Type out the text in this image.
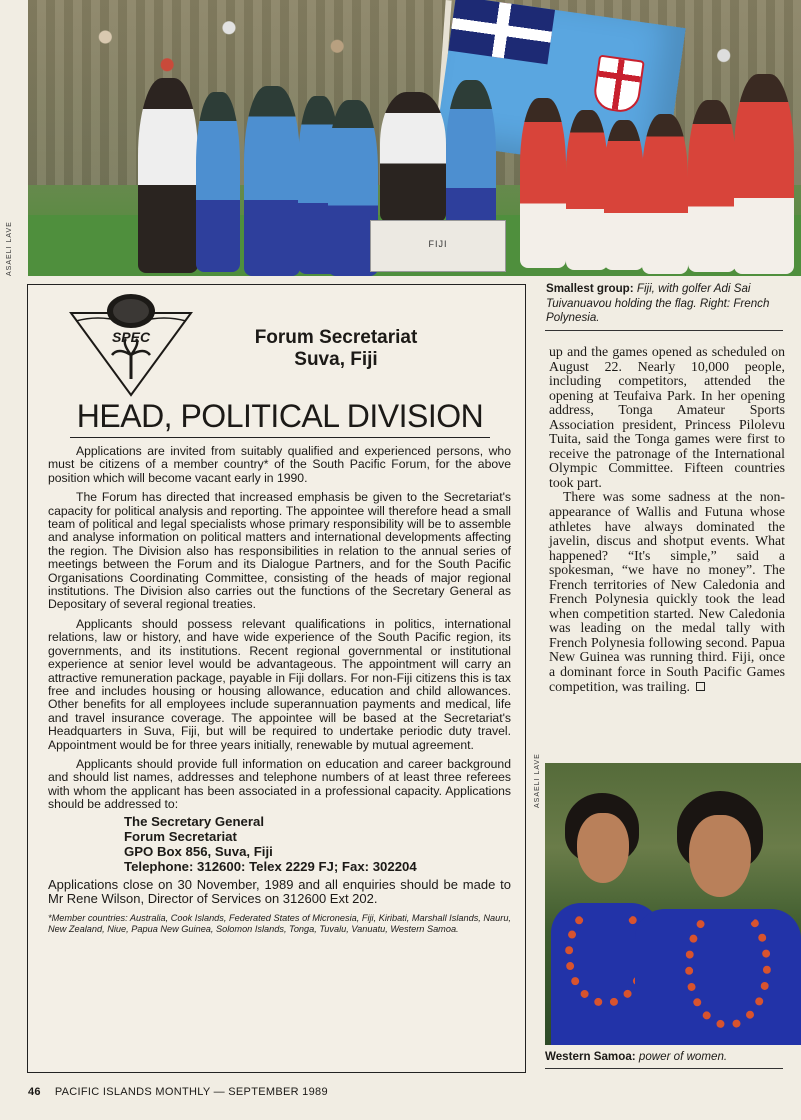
FIJI
ASAELI LAVE
SPEC	Forum Secretariat
Suva, Fiji
HEAD, POLITICAL DIVISION

Applications are invited from suitably qualified and experienced persons, who must be citizens of a member country* of the South Pacific Forum, for the above position which will become vacant early in 1990.

The Forum has directed that increased emphasis be given to the Secretariat's capacity for political analysis and reporting. The appointee will therefore head a small team of political and legal specialists whose primary responsibility will be to assemble and analyse information on political matters and international developments affecting the region. The Division also has responsibilities in relation to the annual series of meetings between the Forum and its Dialogue Partners, and for the South Pacific Organisations Coordinating Committee, consisting of the heads of major regional institutions. The Division also carries out the functions of the Secretary General as Depositary of several regional treaties.

Applicants should possess relevant qualifications in politics, international relations, law or history, and have wide experience of the South Pacific region, its governments, and its institutions. Recent regional governmental or institutional experience at senior level would be advantageous. The appointment will carry an attractive remuneration package, payable in Fiji dollars. For non-Fiji citizens this is tax free and includes housing or housing allowance, education and child allowances. Other benefits for all employees include superannuation payments and medical, life and travel insurance coverage. The appointee will be based at the Secretariat's Headquarters in Suva, Fiji, but will be required to undertake periodic duty travel. Appointment would be for three years initially, renewable by mutual agreement.

Applicants should provide full information on education and career background and should list names, addresses and telephone numbers of at least three referees with whom the applicant has been associated in a professional capacity. Applications should be addressed to:

The Secretary General
Forum Secretariat
GPO Box 856, Suva, Fiji
Telephone: 312600: Telex 2229 FJ; Fax: 302204

Applications close on 30 November, 1989 and all enquiries should be made to Mr Rene Wilson, Director of Services on 312600 Ext 202.

*Member countries: Australia, Cook Islands, Federated States of Micronesia, Fiji, Kiribati, Marshall Islands, Nauru, New Zealand, Niue, Papua New Guinea, Solomon Islands, Tonga, Tuvalu, Vanuatu, Western Samoa.

Smallest group: Fiji, with golfer Adi Sai Tuivanuavou holding the flag. Right: French Polynesia.

up and the games opened as scheduled on August 22. Nearly 10,000 people, including competitors, attended the opening at Teufaiva Park. In her opening address, Tonga Amateur Sports Association president, Princess Pilolevu Tuita, said the Tonga games were first to receive the patronage of the International Olympic Committee. Fifteen countries took part.

There was some sadness at the non-appearance of Wallis and Futuna whose athletes have always dominated the javelin, discus and shotput events. What happened? “It's simple,” said a spokesman, “we have no money”. The French territories of New Caledonia and French Polynesia quickly took the lead when competition started. New Caledonia was leading on the medal tally with French Polynesia following second. Papua New Guinea was running third. Fiji, once a dominant force in South Pacific Games competition, was trailing.

ASAELI LAVE
Western Samoa: power of women.
46 PACIFIC ISLANDS MONTHLY — SEPTEMBER 1989
